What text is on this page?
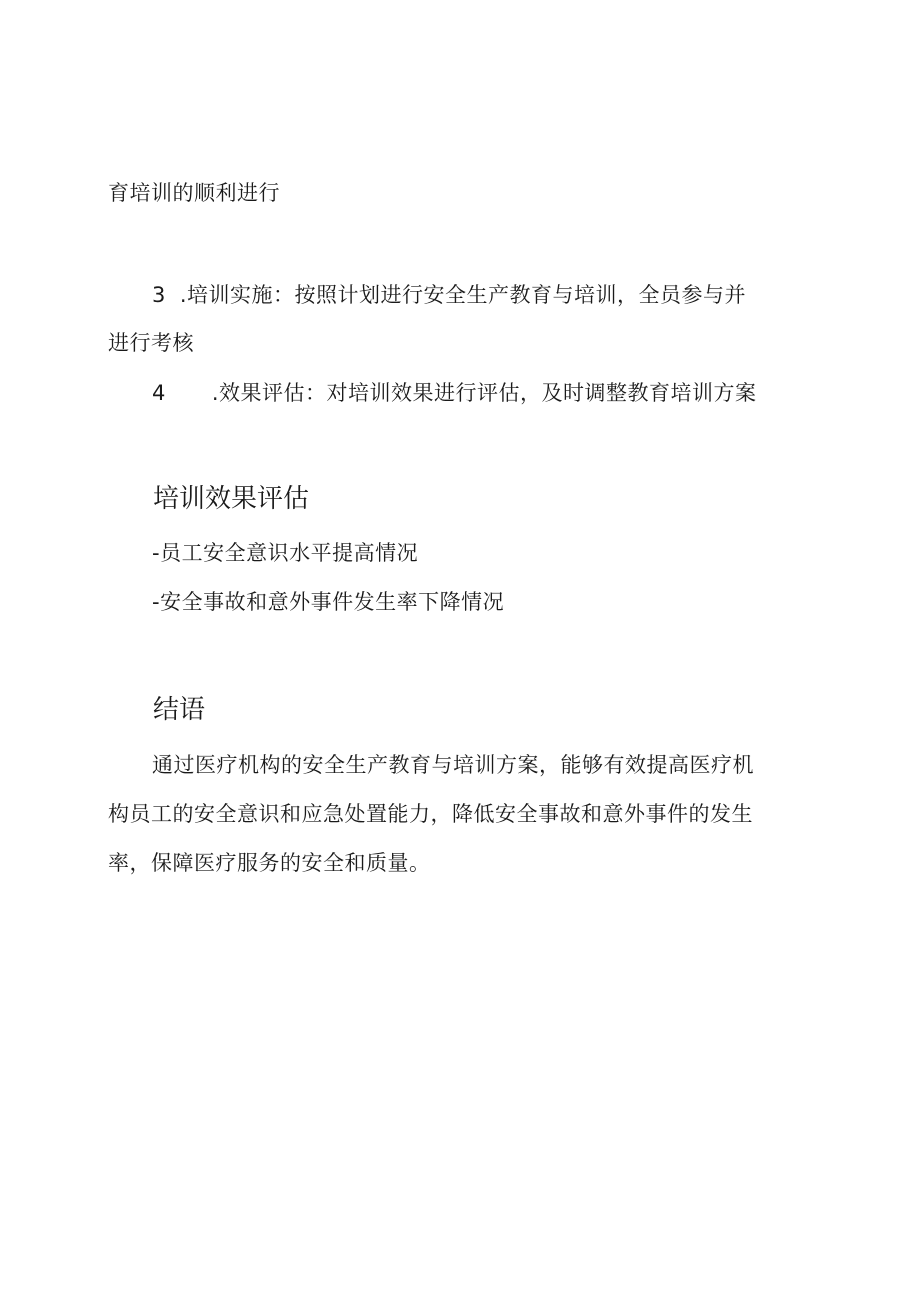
育培训的顺利进行
3 .培训实施：按照计划进行安全生产教育与培训，全员参与并
进行考核
4 .效果评估：对培训效果进行评估，及时调整教育培训方案
培训效果评估
-员工安全意识水平提高情况
-安全事故和意外事件发生率下降情况
结语
通过医疗机构的安全生产教育与培训方案，能够有效提高医疗机
构员工的安全意识和应急处置能力，降低安全事故和意外事件的发生
率，保障医疗服务的安全和质量。
